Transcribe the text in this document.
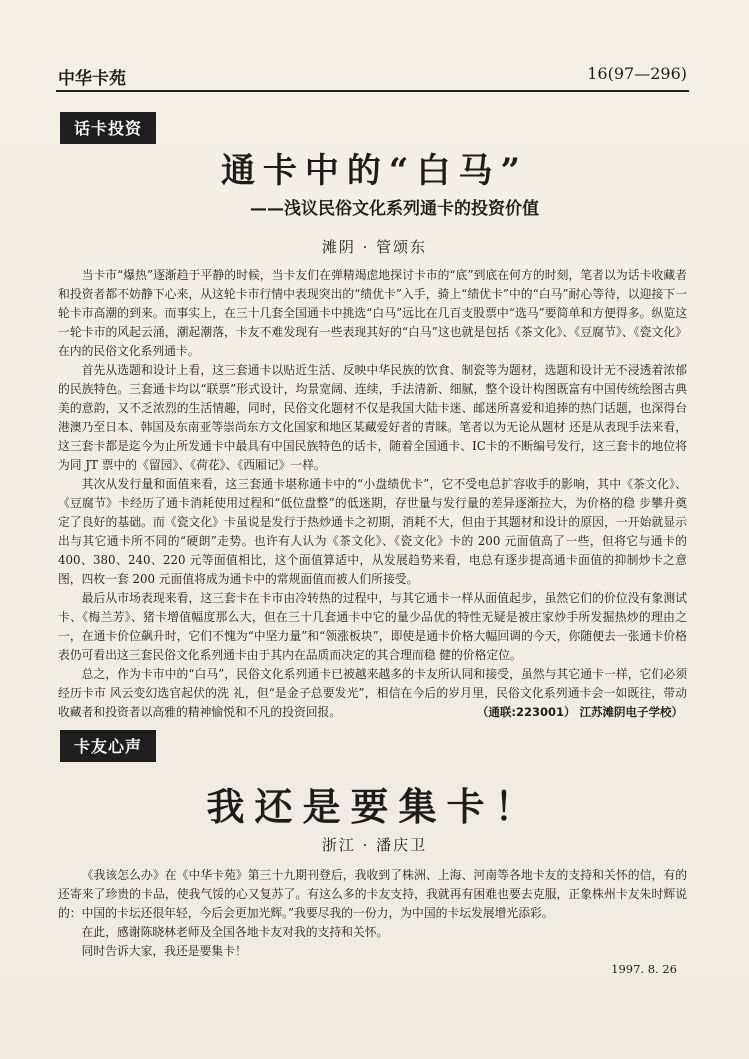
中华卡苑	16(97—296)
话卡投资
通卡中的“白马”
——浅议民俗文化系列通卡的投资价值
滩阴 · 管颂东

当卡市“爆热”逐渐趋于平静的时候，当卡友们在弹精竭虑地探讨卡市的“底”到底在何方的时刻，笔者以为话卡收藏者和投资者都不妨静下心来，从这轮卡市行情中表现突出的“绩优卡”入手，骑上“绩优卡”中的“白马”耐心等待，以迎接下一轮卡市高潮的到来。而事实上，在三十几套全国通卡中挑选“白马”远比在几百支股票中“选马”要简单和方便得多。纵览这一轮卡市的风起云涌，潮起潮落，卡友不难发现有一些表现其好的“白马”这也就是包括《茶文化》、《豆腐节》、《瓷文化》在内的民俗文化系列通卡。

首先从选题和设计上看，这三套通卡以贴近生活、反映中华民族的饮食、制瓷等为题材，选题和设计无不浸透着浓郁的民族特色。三套通卡均以“联票”形式设计，均景宽阔、连续，手法清新、细腻，整个设计构图既富有中国传统绘图古典美的意韵，又不乏浓烈的生活情趣，同时，民俗文化题材不仅是我国大陆卡迷、邮迷所喜爱和追捧的热门话题，也深得台港澳乃至日本、韩国及东南亚等崇尚东方文化国家和地区某藏爱好者的青睐。笔者以为无论从题材 还是从表现手法来看，这三套卡都是迄今为止所发通卡中最具有中国民族特色的话卡，随着全国通卡、IC卡的不断编号发行，这三套卡的地位将为同 JT 票中的《留园》、《荷花》、《西厢记》一样。

其次从发行量和面值来看，这三套通卡堪称通卡中的“小盘绩优卡”，它不受电总扩容收手的影响，其中《茶文化》、《豆腐节》卡经历了通卡消耗使用过程和“低位盘整”的低迷期，存世量与发行量的差异逐渐拉大，为价格的稳 步攀升奠定了良好的基础。而《瓷文化》卡虽说是发行于热炒通卡之初期，消耗不大，但由于其题材和设计的原因，一开始就显示出与其它通卡所不同的“硬朗”走势。也许有人认为《茶文化》、《瓷文化》卡的 200 元面值高了一些，但将它与通卡的 400、380、240、220 元等面值相比，这个面值算适中，从发展趋势来看，电总有逐步提高通卡面值的抑制炒卡之意图，四枚一套 200 元面值将成为通卡中的常规面值而被人们所接受。

最后从市场表现来看，这三套卡在卡市由冷转热的过程中，与其它通卡一样从面值起步，虽然它们的价位没有象测试卡、《梅兰芳》、猪卡增值幅度那么大，但在三十几套通卡中它的量少品优的特性无疑是被庄家炒手所发掘热炒的理由之一，在通卡价位飙升时，它们不愧为“中坚力量”和“领涨板块”，即使是通卡价格大幅回调的今天，你随便去一张通卡价格表仍可看出这三套民俗文化系列通卡由于其内在品质而决定的其合理而稳 健的价格定位。

总之，作为卡市中的“白马”，民俗文化系列通卡已被越来越多的卡友所认同和接受，虽然与其它通卡一样，它们必须经历卡市 风云变幻选官起伏的洗 礼，但“是金子总要发光”，相信在今后的岁月里，民俗文化系列通卡会一如既往，带动收藏者和投资者以高雅的精神愉悦和不凡的投资回报。	（通联:223001） 江苏滩阴电子学校）
卡友心声
我还是要集卡！
浙江 · 潘庆卫

《我该怎么办》在《中华卡苑》第三十九期刊登后，我收到了株洲、上海、河南等各地卡友的支持和关怀的信，有的还寄来了珍贵的卡品，使我气馁的心又复苏了。有这么多的卡友支持，我就再有困难也要去克服，正象株州卡友朱时辉说的：中国的卡坛还很年轻，今后会更加光辉。”我要尽我的一份力，为中国的卡坛发展增光添彩。

在此，感谢陈晓林老师及全国各地卡友对我的支持和关怀。

同时告诉大家，我还是要集卡！

1997. 8. 26
